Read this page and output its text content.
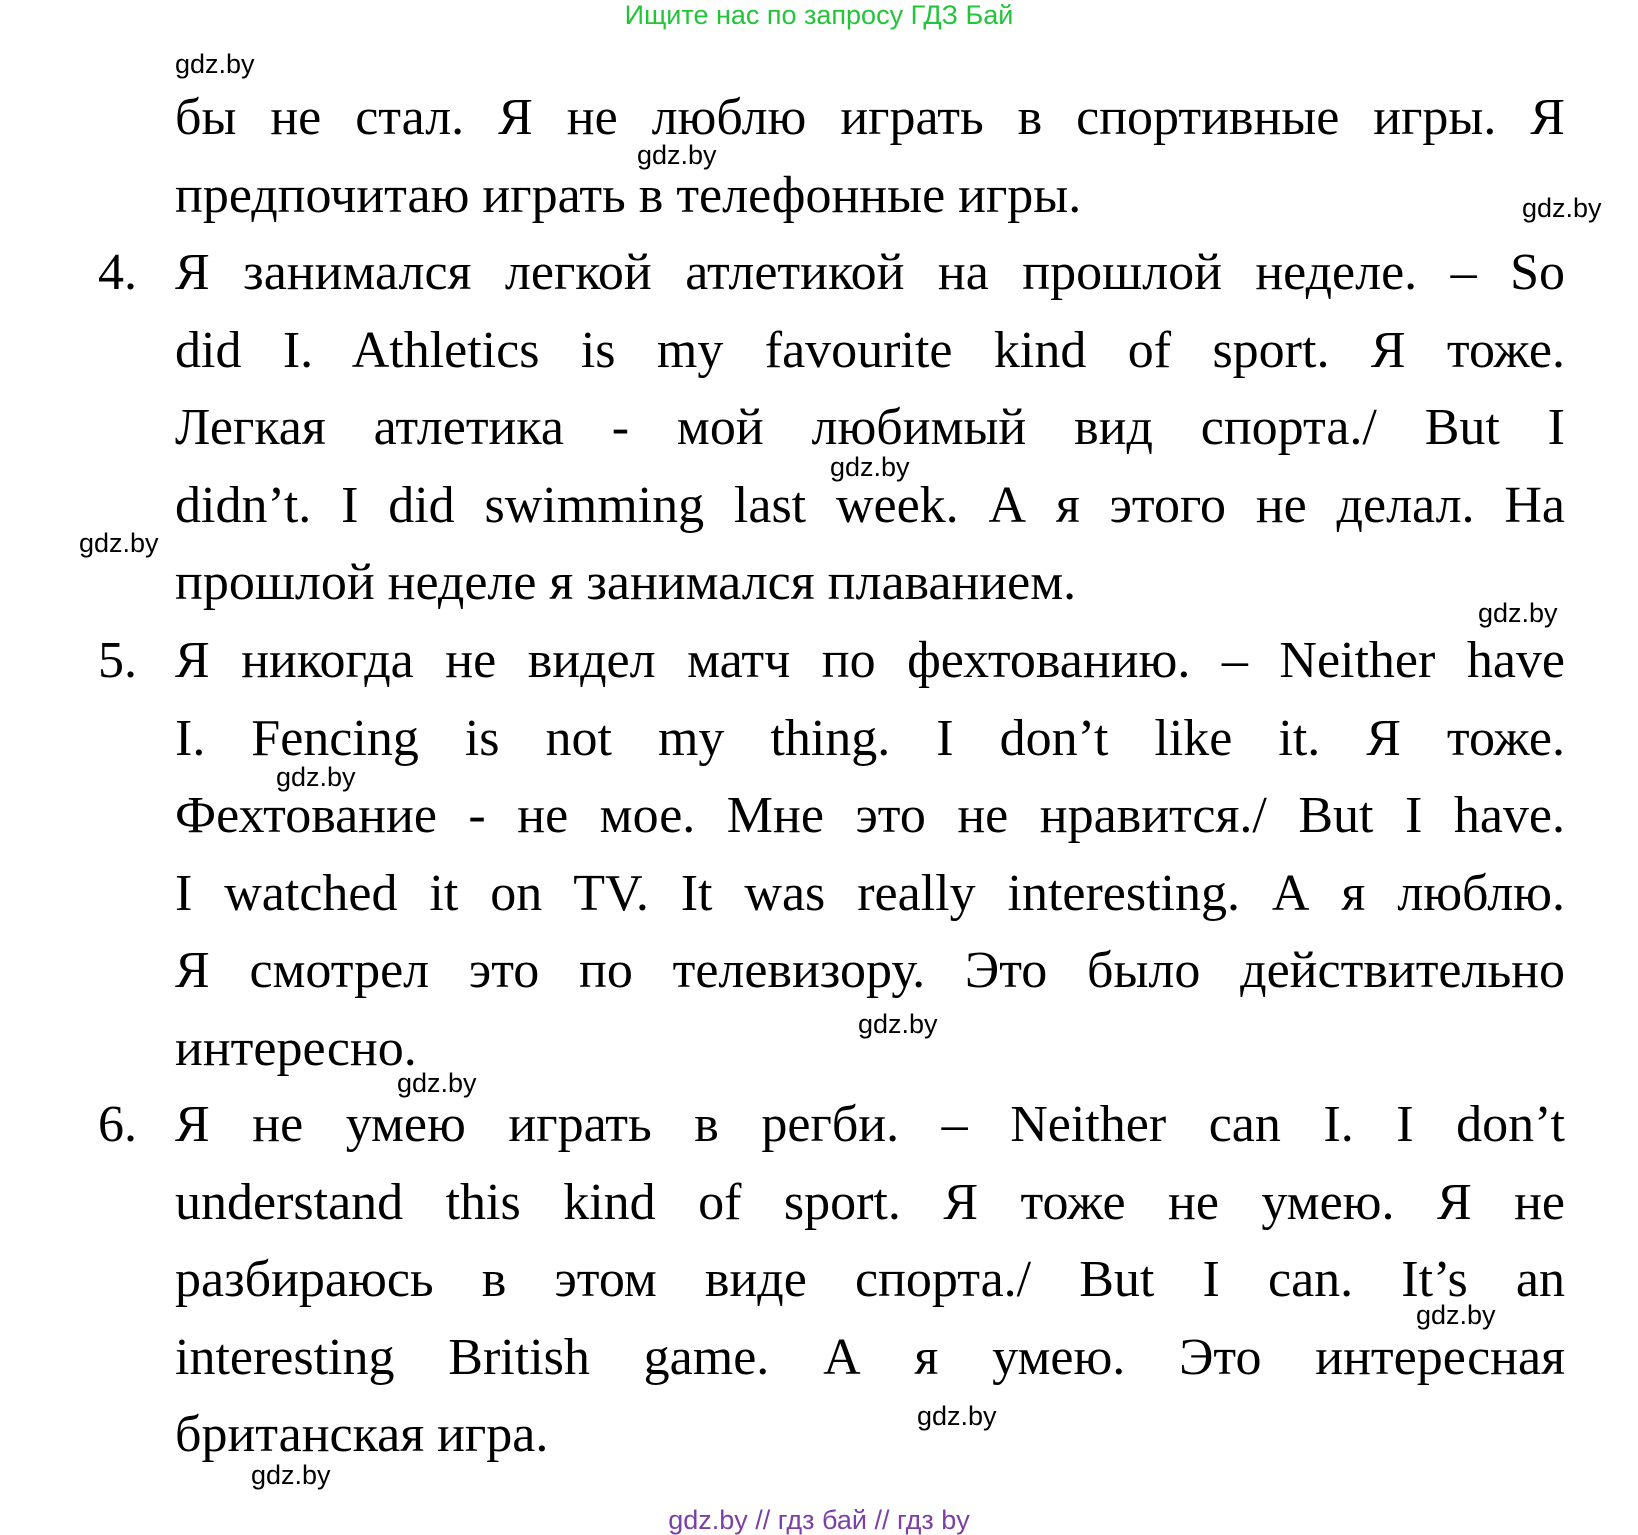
Ищите нас по запросу ГДЗ Бай
бы не стал. Я не люблю играть в спортивные игры. Я
предпочитаю играть в телефонные игры.
4. Я занимался легкой атлетикой на прошлой неделе. – So
did I. Athletics is my favourite kind of sport. Я тоже.
Легкая атлетика - мой любимый вид спорта./ But I
didn’t. I did swimming last week. А я этого не делал. На
прошлой неделе я занимался плаванием.
5. Я никогда не видел матч по фехтованию. – Neither have
I. Fencing is not my thing. I don’t like it. Я тоже.
Фехтование - не мое. Мне это не нравится./ But I have.
I watched it on TV. It was really interesting. А я люблю.
Я смотрел это по телевизору. Это было действительно
интересно.
6. Я не умею играть в регби. – Neither can I. I don’t
understand this kind of sport. Я тоже не умею. Я не
разбираюсь в этом виде спорта./ But I can. It’s an
interesting British game. А я умею. Это интересная
британская игра.
gdz.by
gdz.by
gdz.by
gdz.by
gdz.by
gdz.by
gdz.by
gdz.by
gdz.by
gdz.by
gdz.by
gdz.by
gdz.by // гдз бай // гдз by
